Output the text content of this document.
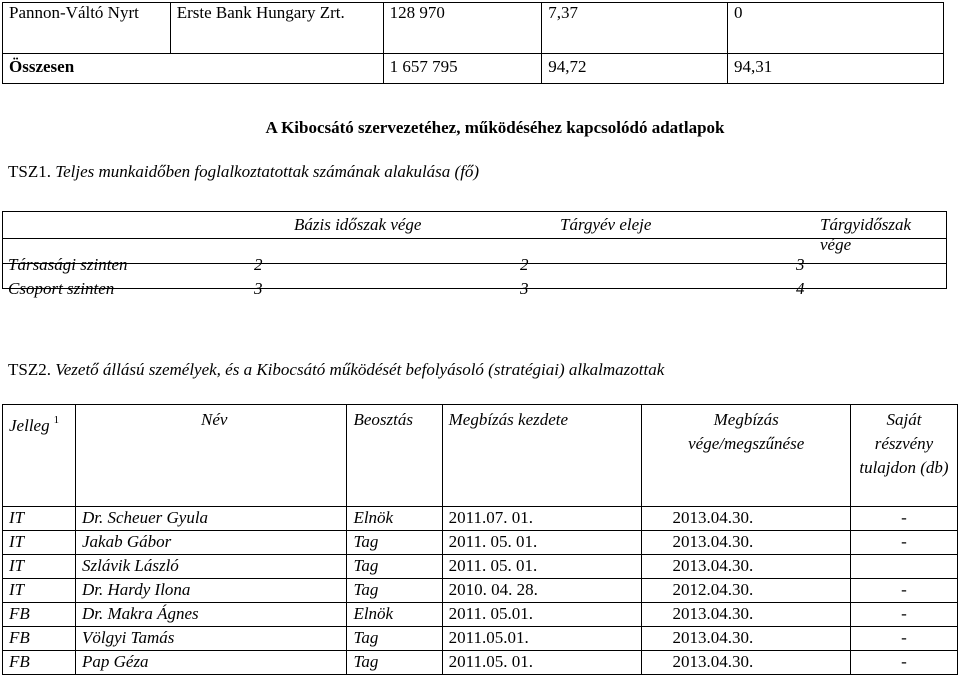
Pannon-Váltó Nyrt	Erste Bank Hungary Zrt.	128 970	7,37	0
Összesen		1 657 795	94,72	94,31
A Kibocsátó szervezetéhez, működéséhez kapcsolódó adatlapok
TSZ1. Teljes munkaidőben foglalkoztatottak számának alakulása (fő)
	Bázis időszak vége	Tárgyév eleje	Tárgyidőszak vége
Társasági szinten	2	2	3
Csoport szinten	3	3	4
TSZ2. Vezető állású személyek, és a Kibocsátó működését befolyásoló (stratégiai) alkalmazottak
Jelleg $^1$	Név	Beosztás	Megbízás kezdete	Megbízás vége/megszűnése	Saját részvény tulajdon (db)
IT	Dr. Scheuer Gyula	Elnök	2011.07. 01.	2013.04.30.	-
IT	Jakab Gábor	Tag	2011. 05. 01.	2013.04.30.	-
IT	Szlávik László	Tag	2011. 05. 01.	2013.04.30.	
IT	Dr. Hardy Ilona	Tag	2010. 04. 28.	2012.04.30.	-
FB	Dr. Makra Ágnes	Elnök	2011. 05.01.	2013.04.30.	-
FB	Völgyi Tamás	Tag	2011.05.01.	2013.04.30.	-
FB	Pap Géza	Tag	2011.05. 01.	2013.04.30.	-
